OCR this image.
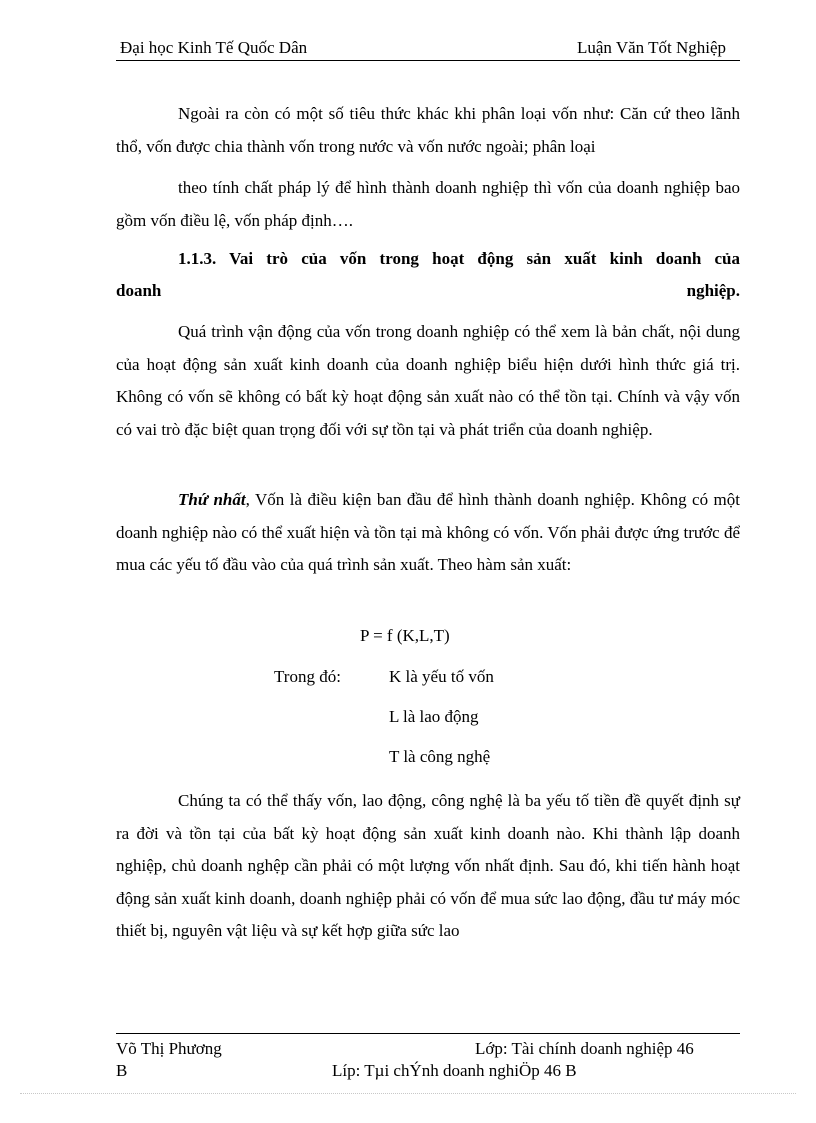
Đại học Kinh Tế Quốc Dân	Luận Văn Tốt Nghiệp
Ngoài ra còn có một số tiêu thức khác khi phân loại vốn như: Căn cứ theo lãnh thổ, vốn được chia thành vốn trong nước và vốn nước ngoài; phân loại
theo tính chất pháp lý để hình thành doanh nghiệp thì vốn của doanh nghiệp bao gồm vốn điều lệ, vốn pháp định….
1.1.3. Vai trò của vốn trong hoạt động sản xuất kinh doanh của
doanh	nghiệp.
Quá trình vận động của vốn trong doanh nghiệp có thể xem là bản chất, nội dung của hoạt động sản xuất kinh doanh của doanh nghiệp biểu hiện dưới hình thức giá trị. Không có vốn sẽ không có bất kỳ hoạt động sản xuất nào có thể tồn tại. Chính và vậy vốn có vai trò đặc biệt quan trọng đối với sự tồn tại và phát triển của doanh nghiệp.
Thứ nhất, Vốn là điều kiện ban đầu để hình thành doanh nghiệp. Không có một doanh nghiệp nào có thể xuất hiện và tồn tại mà không có vốn. Vốn phải được ứng trước để mua các yếu tố đầu vào của quá trình sản xuất. Theo hàm sản xuất:
P = f (K,L,T)
Trong đó:	K là yếu tố vốn
L là lao động
T là công nghệ
Chúng ta có thể thấy vốn, lao động, công nghệ là ba yếu tố tiền đề quyết định sự ra đời và tồn tại của bất kỳ hoạt động sản xuất kinh doanh nào. Khi thành lập doanh nghiệp, chủ doanh nghệp cần phải có một lượng vốn nhất định. Sau đó, khi tiến hành hoạt động sản xuất kinh doanh, doanh nghiệp phải có vốn để mua sức lao động, đầu tư máy móc thiết bị, nguyên vật liệu và sự kết hợp giữa sức lao
Võ Thị Phương
B
Lớp: Tài chính doanh nghiệp 46
Líp: Tµi chÝnh doanh nghiÖp 46 B
